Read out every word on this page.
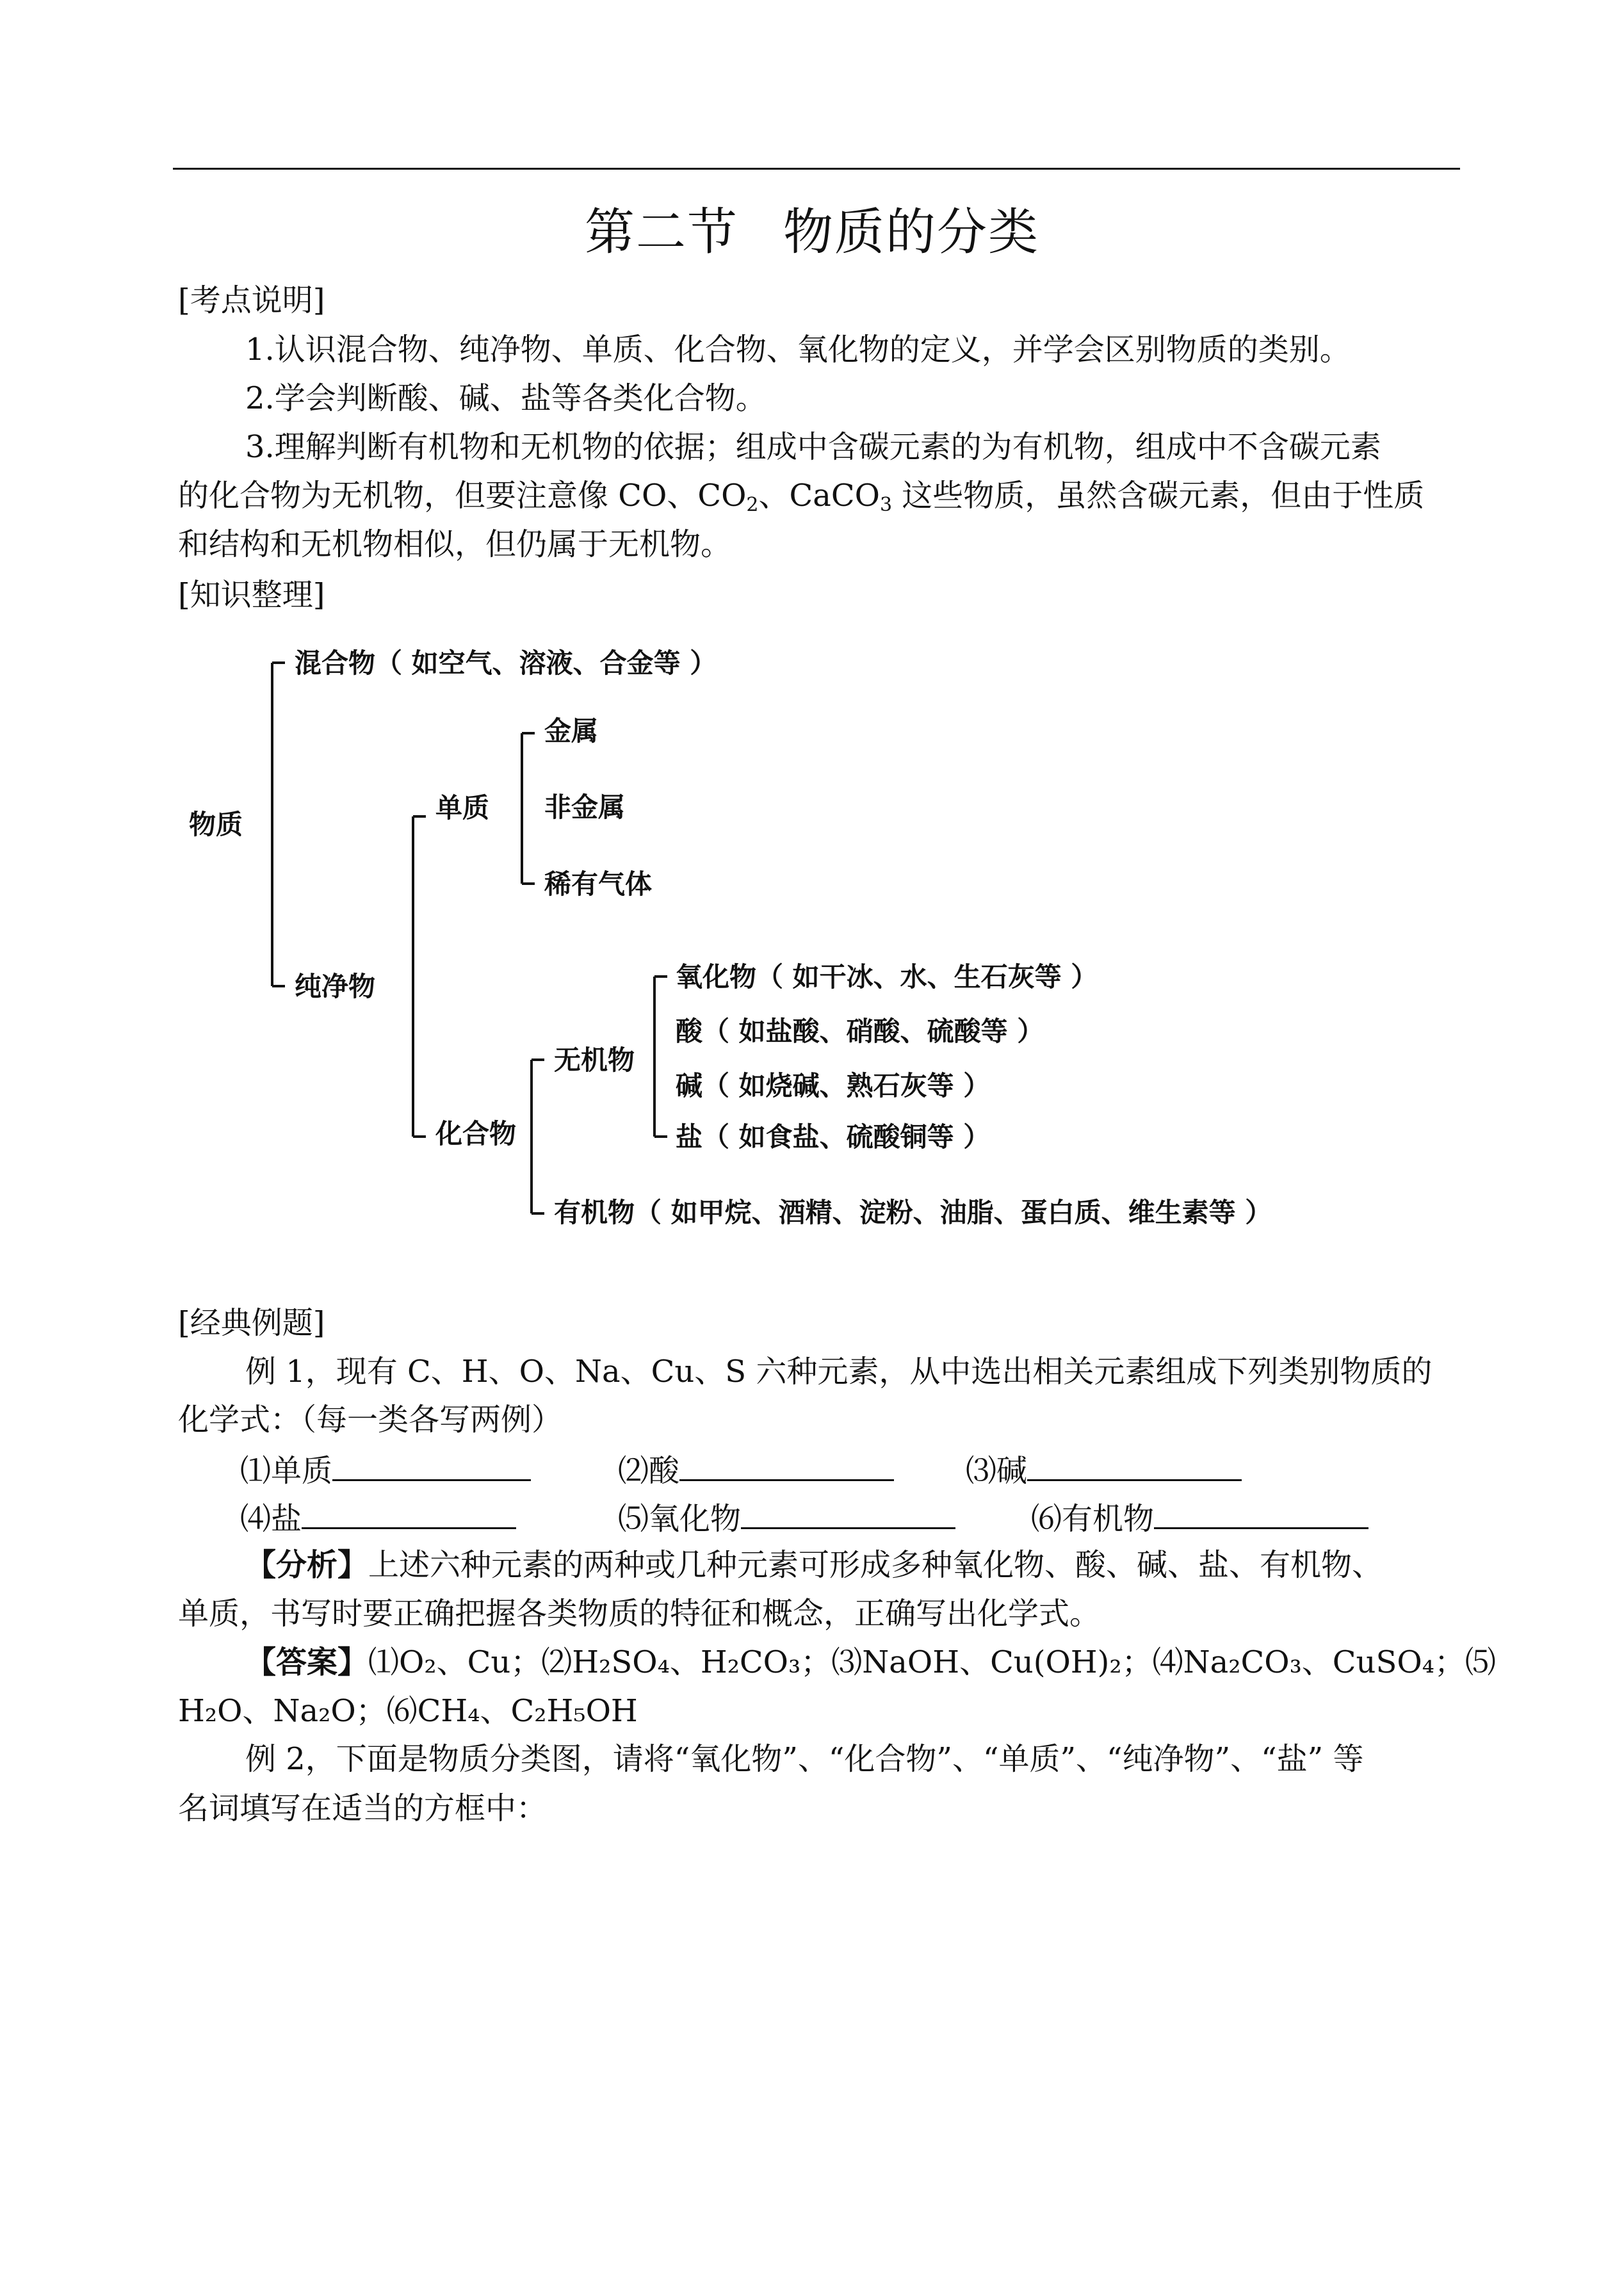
第二节 物质的分类
[考点说明]
1.认识混合物、纯净物、单质、化合物、氧化物的定义，并学会区别物质的类别。
2.学会判断酸、碱、盐等各类化合物。
3.理解判断有机物和无机物的依据；组成中含碳元素的为有机物，组成中不含碳元素
的化合物为无机物，但要注意像 CO、$CO_2$、CaCO$_3$ 这些物质，虽然含碳元素，但由于性质
和结构和无机物相似，但仍属于无机物。
[知识整理]
物质
混合物（ 如空气、溶液、合金等 ）
纯净物
单质
金属
非金属
稀有气体
化合物
无机物
氧化物（ 如干冰、水、生石灰等 ）
酸（ 如盐酸、硝酸、硫酸等 ）
碱（ 如烧碱、熟石灰等 ）
盐（ 如食盐、硫酸铜等 ）
有机物（ 如甲烷、酒精、淀粉、油脂、蛋白质、维生素等 ）
[经典例题]
例 1，现有 C、H、O、Na、Cu、S 六种元素，从中选出相关元素组成下列类别物质的
化学式：（每一类各写两例）
⑴单质	⑵酸	⑶碱
⑷盐	⑸氧化物	⑹有机物
【分析】上述六种元素的两种或几种元素可形成多种氧化物、酸、碱、盐、有机物、
单质，书写时要正确把握各类物质的特征和概念，正确写出化学式。
【答案】⑴O₂、Cu；⑵H₂SO₄、H₂CO₃；⑶NaOH、Cu(OH)₂；⑷Na₂CO₃、CuSO₄；⑸
H₂O、Na₂O；⑹CH₄、C₂H₅OH
例 2，下面是物质分类图，请将“氧化物”、“化合物”、“单质”、“纯净物”、“盐” 等
名词填写在适当的方框中：
